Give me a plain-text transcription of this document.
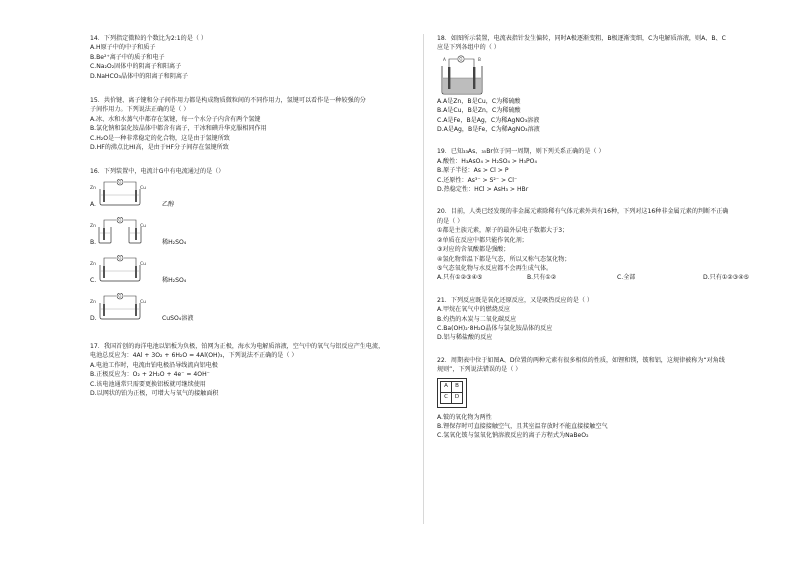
14．下列指定微粒的个数比为2:1的是（ ）
A.H原子中的中子和质子
B.Be²⁺离子中的质子和电子
C.Na₂O₂固体中的阴离子和阳离子
D.NaHCO₃晶体中的阳离子和阴离子
15．共价键、离子键和分子间作用力都是构成物质微粒间的不同作用力，氢键可以看作是一种较强的分
子间作用力。下列说法正确的是（ ）
A.冰、水和水蒸气中都存在氢键，每一个水分子内含有两个氢键
B.氯化钠和氯化铵晶体中都含有离子，干冰和碘升华克服相同作用
C.H₂O是一种非常稳定的化合物，这是由于氢键所致
D.HF的沸点比HI高，是由于HF分子间存在氢键所致
16．下列装置中，电流计G中有电流通过的是（）
Zn	Cu
G
A.	乙醇
Zn	Cu
G
B.	稀H₂SO₄
Zn	Cu
G
C.	稀H₂SO₄
Zn	Cu
G
D.	CuSO₄溶液
17．我国首创的海洋电池以铝板为负极，铂网为正极，海水为电解质溶液，空气中的氧气与铝反应产生电流，
电池总反应为：4Al + 3O₂ + 6H₂O = 4Al(OH)₃，下列说法不正确的是（ ）
A.电池工作时，电流由铂电极沿导线流向铝电极
B.正极反应为：O₂ + 2H₂O + 4e⁻ = 4OH⁻
C.该电池通常只需要更换铝板就可继续使用
D.以网状的铂为正极，可增大与氧气的接触面积
18．如图所示装置，电流表指针发生偏转，同时A极逐渐变粗，B极逐渐变细，C为电解质溶液，则A、B、C
应是下列各组中的（ ）
A	B
G
A.A是Zn，B是Cu，C为稀硫酸
B.A是Cu，B是Zn，C为稀硫酸
C.A是Fe，B是Ag，C为稀AgNO₃溶液
D.A是Ag，B是Fe，C为稀AgNO₃溶液
19．已知₃₃As、₃₅Br位于同一周期，则下列关系正确的是（ ）
A.酸性：H₃AsO₄ > H₂SO₄ > H₃PO₄
B.原子半径：As > Cl > P
C.还原性：As³⁻ > S²⁻ > Cl⁻
D.热稳定性：HCl > AsH₃ > HBr
20．目前，人类已经发现的非金属元素除稀有气体元素外共有16种，下列对这16种非金属元素的判断不正确
的是（ ）
①都是主族元素，原子的最外层电子数都大于3；
②单质在反应中都只能作氧化剂；
③对应的含氧酸都是强酸；
④氢化物常温下都是气态，所以又称气态氢化物；
⑤气态氧化物与水反应都不会再生成气体。
A.只有①②③④⑤	B.只有①②	C.全部	D.只有①②③④⑤
21．下列反应既是氧化还原反应，又是吸热反应的是（ ）
A.甲烷在氧气中的燃烧反应
B.灼热的木炭与二氧化碳反应
C.Ba(OH)₂·8H₂O晶体与氯化铵晶体的反应
D.铝与稀盐酸的反应
22．周期表中位于如图A、D位置的两种元素有很多相似的性质，如锂和镁，铍和铝，这规律被称为“对角线
规则”，下列说法错误的是（ ）
A	B
C	D
A.铍的氧化物为两性
B.锂保存时可直接接触空气，且其室温存放时不能直接接触空气
C.氢氧化铍与氢氧化钠溶液反应的离子方程式为NaBeO₂
